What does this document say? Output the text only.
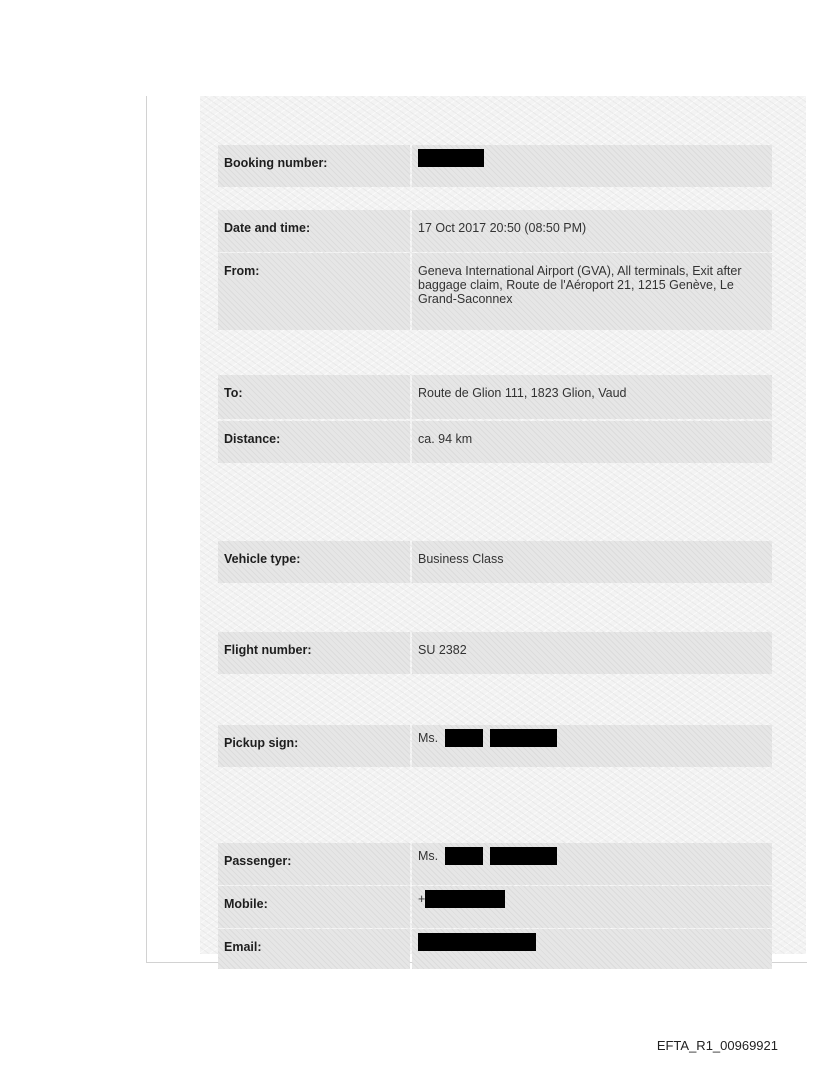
Booking number:
Date and time:	17 Oct 2017 20:50 (08:50 PM)
From:	Geneva International Airport (GVA), All terminals, Exit after baggage claim, Route de l'Aéroport 21, 1215 Genève, Le Grand-Saconnex
To:	Route de Glion 111, 1823 Glion, Vaud
Distance:	ca. 94 km
Vehicle type:	Business Class
Flight number:	SU 2382
Pickup sign:	Ms.
Passenger:	Ms.
Mobile:	+
Email:
EFTA_R1_00969921
